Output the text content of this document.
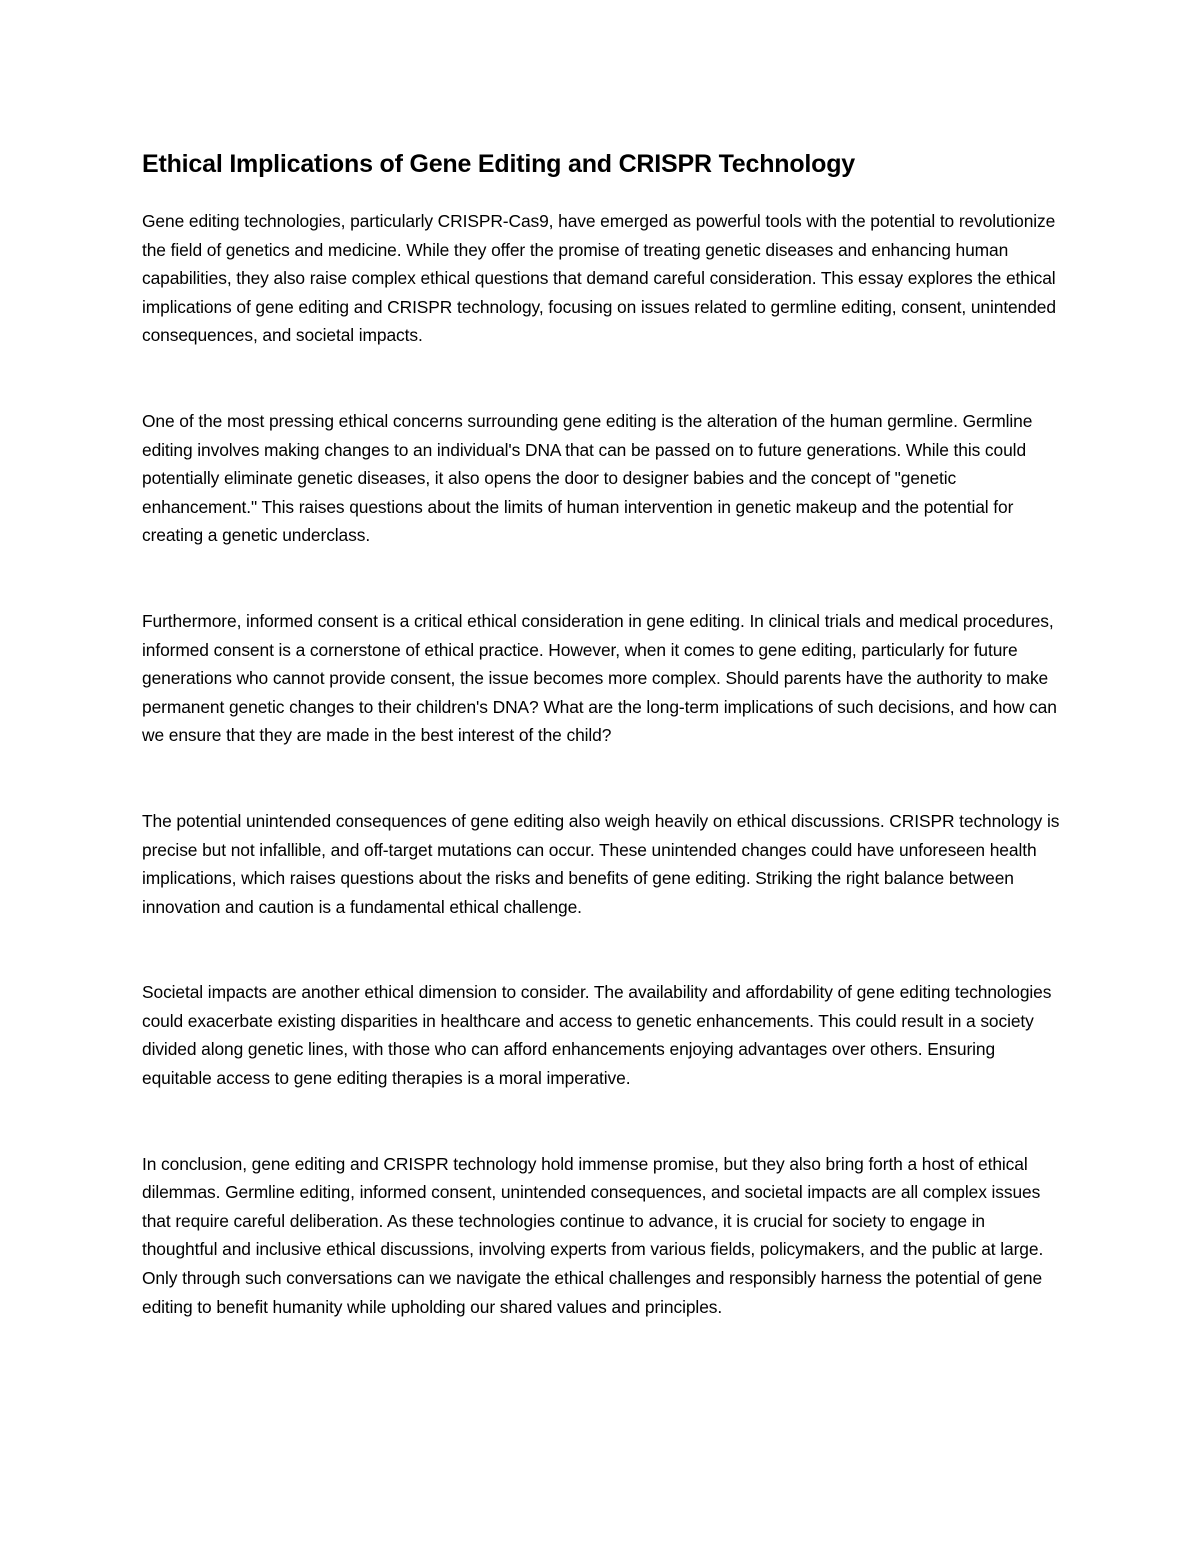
Ethical Implications of Gene Editing and CRISPR Technology

Gene editing technologies, particularly CRISPR-Cas9, have emerged as powerful tools with the potential to revolutionize the field of genetics and medicine. While they offer the promise of treating genetic diseases and enhancing human capabilities, they also raise complex ethical questions that demand careful consideration. This essay explores the ethical implications of gene editing and CRISPR technology, focusing on issues related to germline editing, consent, unintended consequences, and societal impacts.

One of the most pressing ethical concerns surrounding gene editing is the alteration of the human germline. Germline editing involves making changes to an individual's DNA that can be passed on to future generations. While this could potentially eliminate genetic diseases, it also opens the door to designer babies and the concept of "genetic enhancement." This raises questions about the limits of human intervention in genetic makeup and the potential for creating a genetic underclass.

Furthermore, informed consent is a critical ethical consideration in gene editing. In clinical trials and medical procedures, informed consent is a cornerstone of ethical practice. However, when it comes to gene editing, particularly for future generations who cannot provide consent, the issue becomes more complex. Should parents have the authority to make permanent genetic changes to their children's DNA? What are the long-term implications of such decisions, and how can we ensure that they are made in the best interest of the child?

The potential unintended consequences of gene editing also weigh heavily on ethical discussions. CRISPR technology is precise but not infallible, and off-target mutations can occur. These unintended changes could have unforeseen health implications, which raises questions about the risks and benefits of gene editing. Striking the right balance between innovation and caution is a fundamental ethical challenge.

Societal impacts are another ethical dimension to consider. The availability and affordability of gene editing technologies could exacerbate existing disparities in healthcare and access to genetic enhancements. This could result in a society divided along genetic lines, with those who can afford enhancements enjoying advantages over others. Ensuring equitable access to gene editing therapies is a moral imperative.

In conclusion, gene editing and CRISPR technology hold immense promise, but they also bring forth a host of ethical dilemmas. Germline editing, informed consent, unintended consequences, and societal impacts are all complex issues that require careful deliberation. As these technologies continue to advance, it is crucial for society to engage in thoughtful and inclusive ethical discussions, involving experts from various fields, policymakers, and the public at large. Only through such conversations can we navigate the ethical challenges and responsibly harness the potential of gene editing to benefit humanity while upholding our shared values and principles.
